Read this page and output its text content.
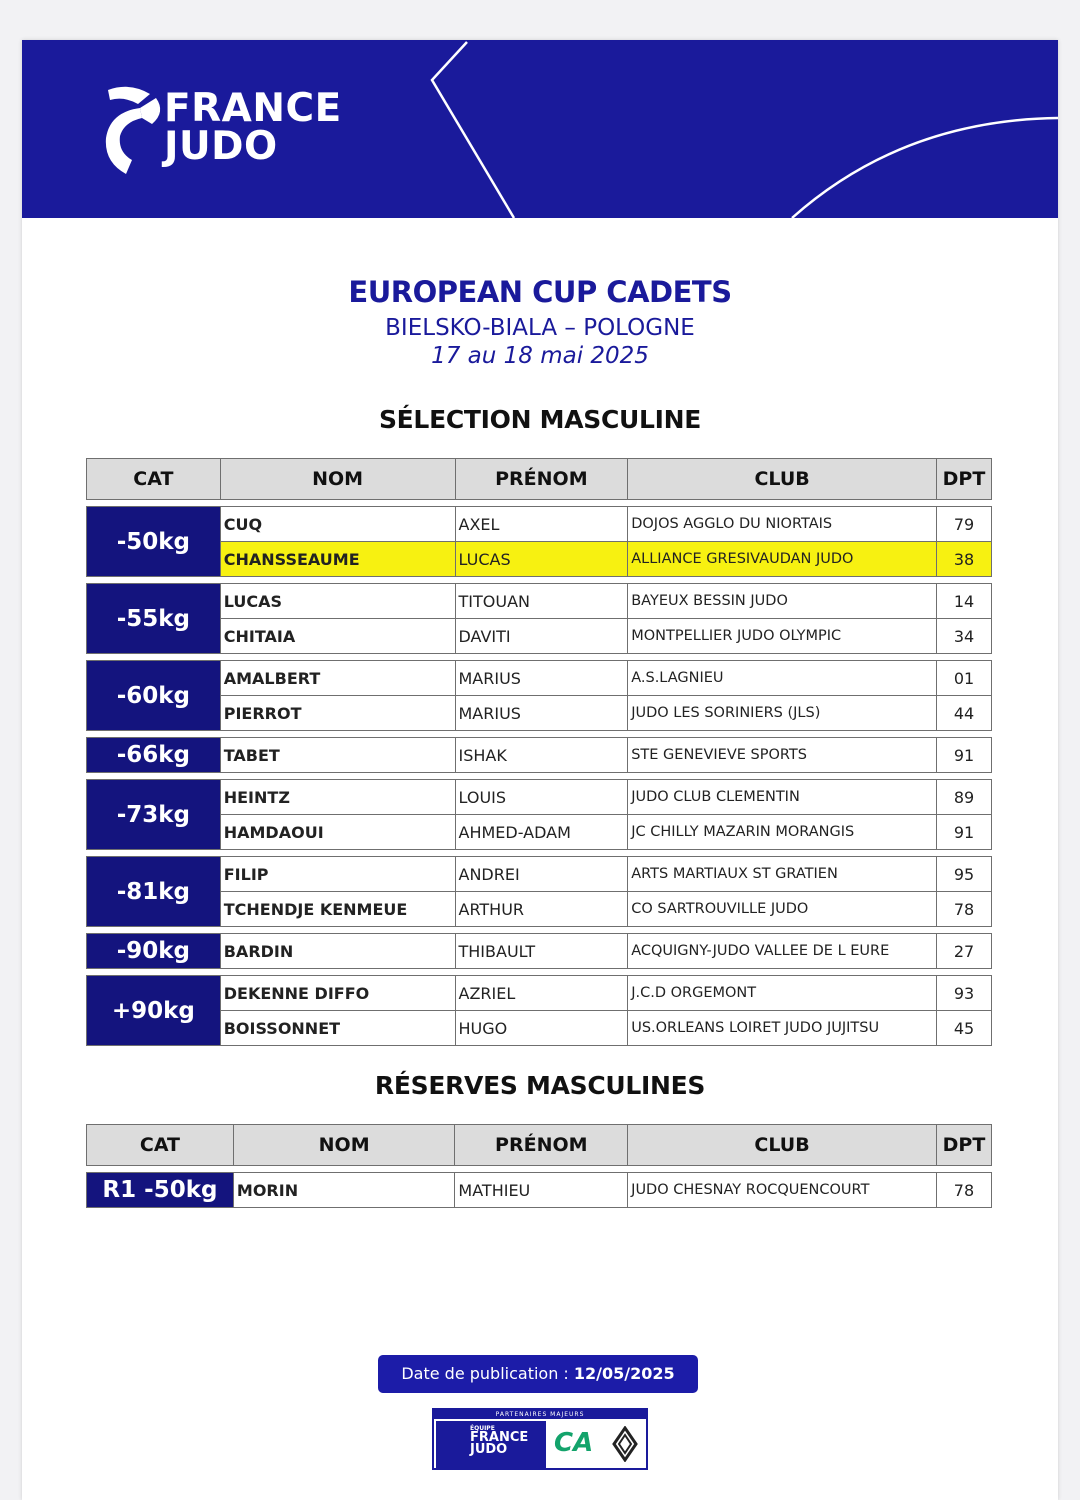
FRANCE
JUDO
EUROPEAN CUP CADETS
BIELSKO-BIALA – POLOGNE
17 au 18 mai 2025
SÉLECTION MASCULINE
CAT	NOM	PRÉNOM	CLUB	DPT

-50kg	CUQ	AXEL	DOJOS AGGLO DU NIORTAIS	79
	CHANSSEAUME	LUCAS	ALLIANCE GRESIVAUDAN JUDO	38

-55kg	LUCAS	TITOUAN	BAYEUX BESSIN JUDO	14
	CHITAIA	DAVITI	MONTPELLIER JUDO OLYMPIC	34

-60kg	AMALBERT	MARIUS	A.S.LAGNIEU	01
	PIERROT	MARIUS	JUDO LES SORINIERS (JLS)	44

-66kg	TABET	ISHAK	STE GENEVIEVE SPORTS	91

-73kg	HEINTZ	LOUIS	JUDO CLUB CLEMENTIN	89
	HAMDAOUI	AHMED-ADAM	JC CHILLY MAZARIN MORANGIS	91

-81kg	FILIP	ANDREI	ARTS MARTIAUX ST GRATIEN	95
	TCHENDJE KENMEUE	ARTHUR	CO SARTROUVILLE JUDO	78

-90kg	BARDIN	THIBAULT	ACQUIGNY-JUDO VALLEE DE L EURE	27

+90kg	DEKENNE DIFFO	AZRIEL	J.C.D ORGEMONT	93
	BOISSONNET	HUGO	US.ORLEANS LOIRET JUDO JUJITSU	45
RÉSERVES MASCULINES
CAT	NOM	PRÉNOM	CLUB	DPT

R1 -50kg	MORIN	MATHIEU	JUDO CHESNAY ROCQUENCOURT	78
Date de publication : 12/05/2025
PARTENAIRES MAJEURS
ÉQUIPE
FRANCE
JUDO	CA
